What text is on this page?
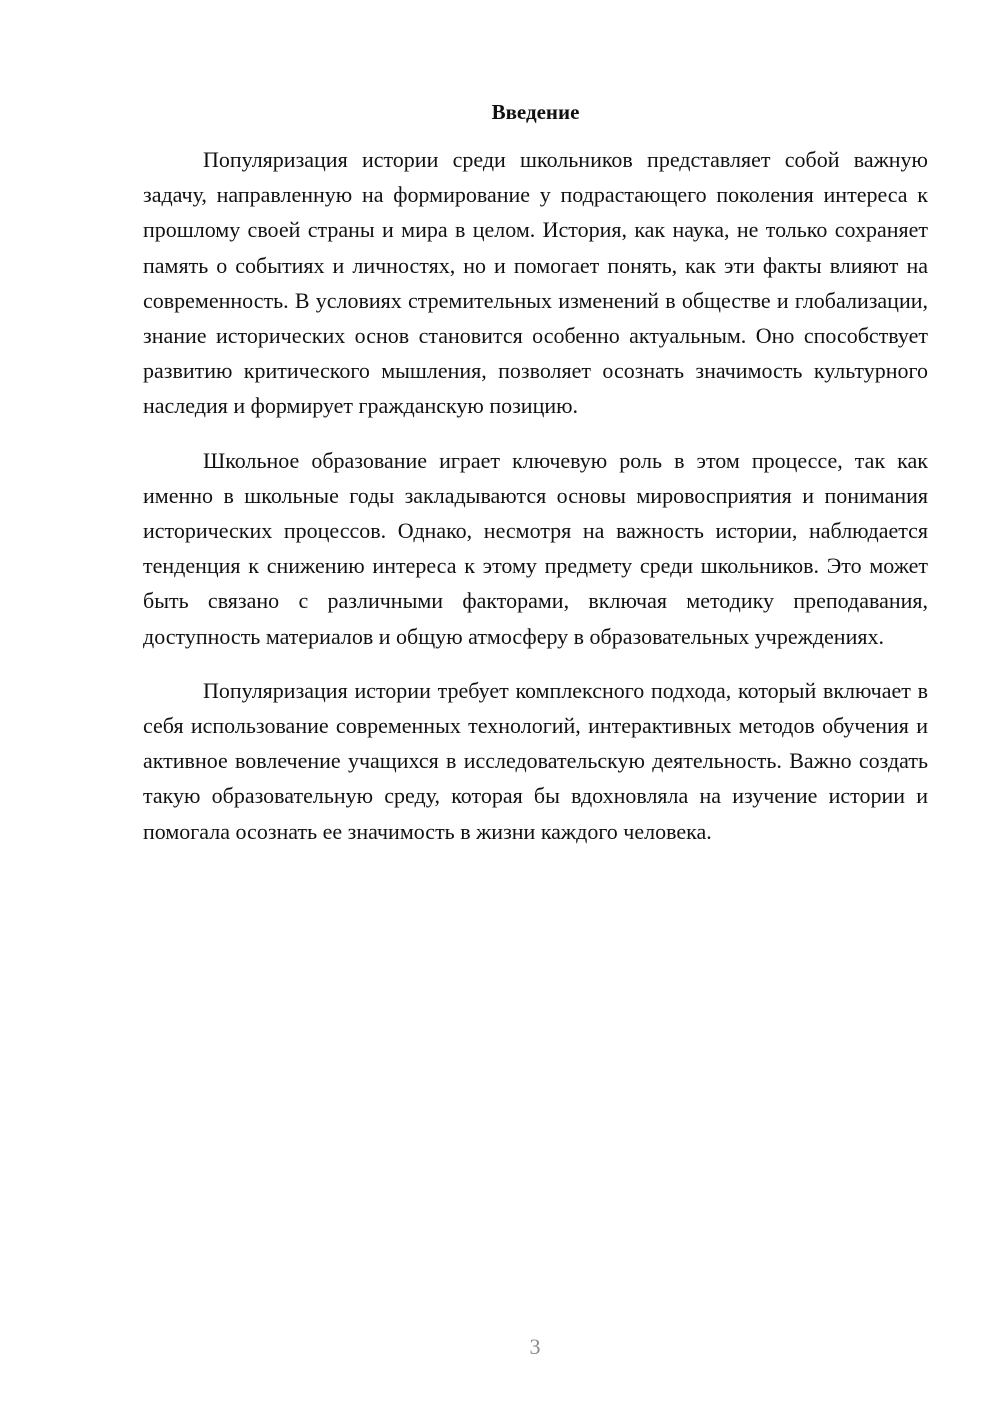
Введение

Популяризация истории среди школьников представляет собой важную задачу, направленную на формирование у подрастающего поколения интереса к прошлому своей страны и мира в целом. История, как наука, не только сохраняет память о событиях и личностях, но и помогает понять, как эти факты влияют на современность. В условиях стремительных изменений в обществе и глобализации, знание исторических основ становится особенно актуальным. Оно способствует развитию критического мышления, позволяет осознать значимость культурного наследия и формирует гражданскую позицию.

Школьное образование играет ключевую роль в этом процессе, так как именно в школьные годы закладываются основы мировосприятия и понимания исторических процессов. Однако, несмотря на важность истории, наблюдается тенденция к снижению интереса к этому предмету среди школьников. Это может быть связано с различными факторами, включая методику преподавания, доступность материалов и общую атмосферу в образовательных учреждениях.

Популяризация истории требует комплексного подхода, который включает в себя использование современных технологий, интерактивных методов обучения и активное вовлечение учащихся в исследовательскую деятельность. Важно создать такую образовательную среду, которая бы вдохновляла на изучение истории и помогала осознать ее значимость в жизни каждого человека.

3
